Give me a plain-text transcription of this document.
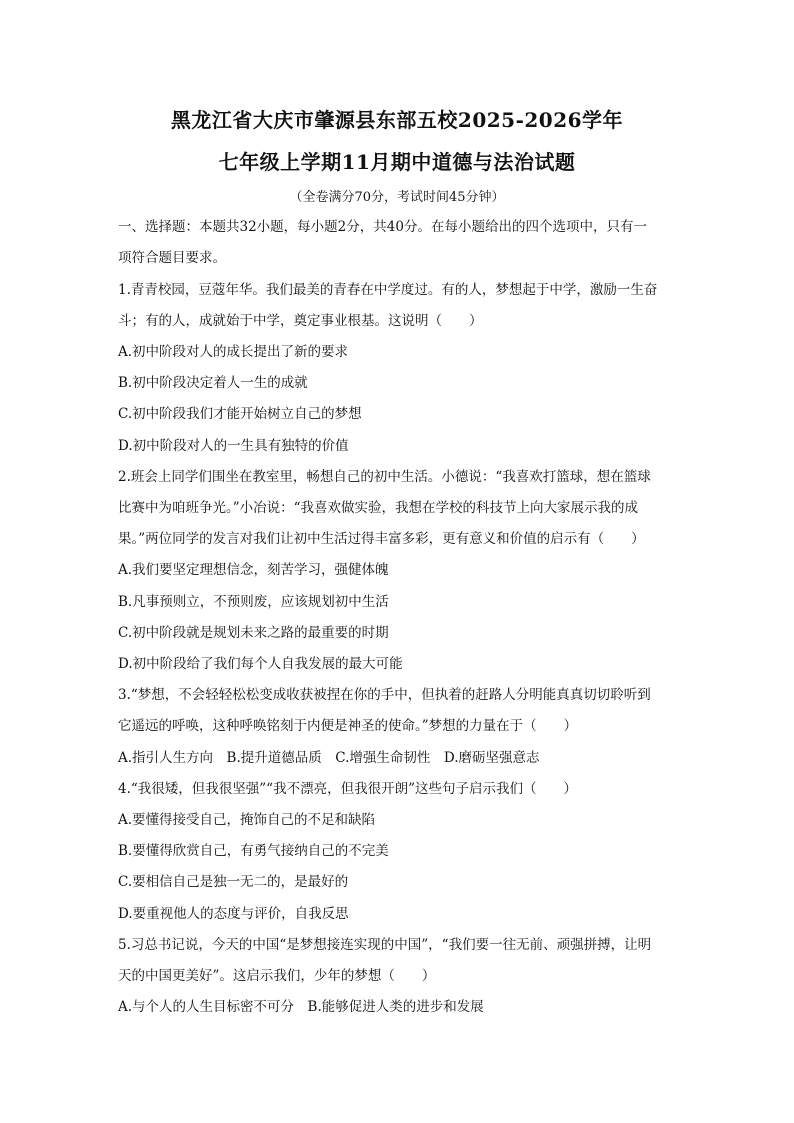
黑龙江省大庆市肇源县东部五校2025-2026学年
七年级上学期11月期中道德与法治试题
（全卷满分70分，考试时间45分钟）
一、选择题：本题共32小题，每小题2分，共40分。在每小题给出的四个选项中，只有一
项符合题目要求。
1.青青校园，豆蔻年华。我们最美的青春在中学度过。有的人，梦想起于中学，激励一生奋
斗；有的人，成就始于中学，奠定事业根基。这说明（　　）
A.初中阶段对人的成长提出了新的要求
B.初中阶段决定着人一生的成就
C.初中阶段我们才能开始树立自己的梦想
D.初中阶段对人的一生具有独特的价值
2.班会上同学们围坐在教室里，畅想自己的初中生活。小德说：“我喜欢打篮球，想在篮球
比赛中为咱班争光。”小冶说：“我喜欢做实验，我想在学校的科技节上向大家展示我的成
果。”两位同学的发言对我们让初中生活过得丰富多彩，更有意义和价值的启示有（　　）
A.我们要坚定理想信念，刻苦学习，强健体魄
B.凡事预则立，不预则废，应该规划初中生活
C.初中阶段就是规划未来之路的最重要的时期
D.初中阶段给了我们每个人自我发展的最大可能
3.“梦想，不会轻轻松松变成收获被捏在你的手中，但执着的赶路人分明能真真切切聆听到
它遥远的呼唤，这种呼唤铭刻于内便是神圣的使命。”梦想的力量在于（　　）
A.指引人生方向　B.提升道德品质　C.增强生命韧性　D.磨砺坚强意志
4.“我很矮，但我很坚强”“我不漂亮，但我很开朗”这些句子启示我们（　　）
A.要懂得接受自己，掩饰自己的不足和缺陷
B.要懂得欣赏自己，有勇气接纳自己的不完美
C.要相信自己是独一无二的，是最好的
D.要重视他人的态度与评价，自我反思
5.习总书记说，今天的中国“是梦想接连实现的中国”，“我们要一往无前、顽强拼搏，让明
天的中国更美好”。这启示我们，少年的梦想（　　）
A.与个人的人生目标密不可分　B.能够促进人类的进步和发展
